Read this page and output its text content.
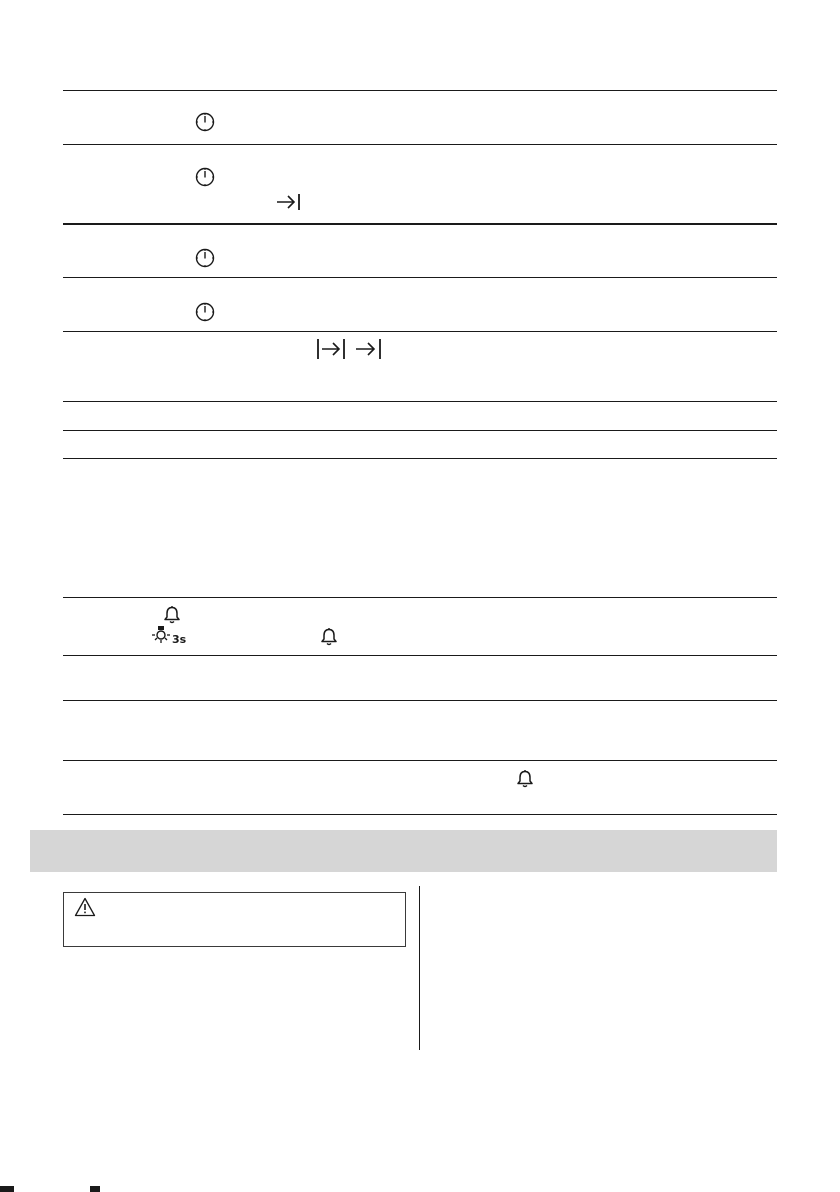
3s
